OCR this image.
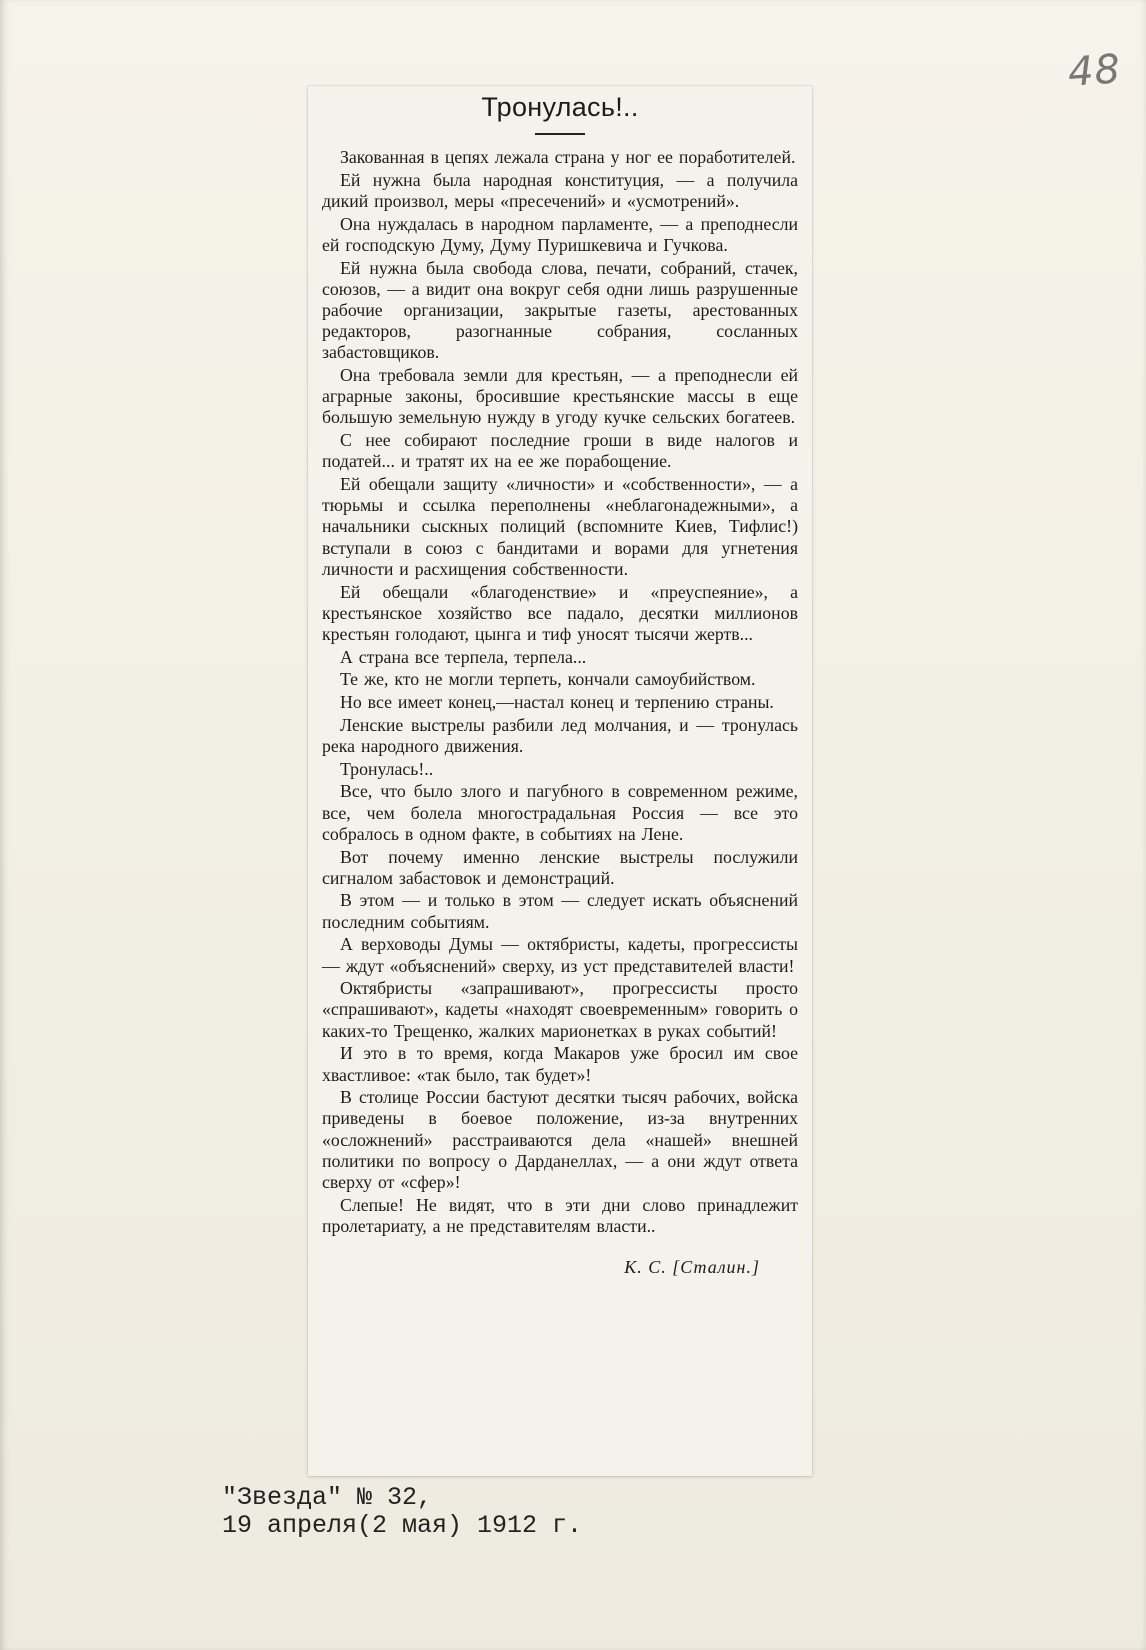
48

Тронулась!..

Закованная в цепях лежала страна у ног ее поработителей.

Ей нужна была народная конституция, — а получила дикий произвол, меры «пресечений» и «усмотрений».

Она нуждалась в народном парламенте, — а преподнесли ей господскую Думу, Думу Пуришкевича и Гучкова.

Ей нужна была свобода слова, печати, собраний, стачек, союзов, — а видит она вокруг себя одни лишь разрушенные рабочие организации, закрытые газеты, арестованных редакторов, разогнанные собрания, сосланных забастовщиков.

Она требовала земли для крестьян, — а преподнесли ей аграрные законы, бросившие крестьянские массы в еще большую земельную нужду в угоду кучке сельских богатеев.

С нее собирают последние гроши в виде налогов и податей... и тратят их на ее же порабощение.

Ей обещали защиту «личности» и «собственности», — а тюрьмы и ссылка переполнены «неблагонадежными», а начальники сыскных полиций (вспомните Киев, Тифлис!) вступали в союз с бандитами и ворами для угнетения личности и расхищения собственности.

Ей обещали «благоденствие» и «преуспеяние», а крестьянское хозяйство все падало, десятки миллионов крестьян голодают, цынга и тиф уносят тысячи жертв...

А страна все терпела, терпела...

Те же, кто не могли терпеть, кончали самоубийством.

Но все имеет конец,—настал конец и терпению страны.

Ленские выстрелы разбили лед молчания, и — тронулась река народного движения.

Тронулась!..

Все, что было злого и пагубного в современном режиме, все, чем болела многострадальная Россия — все это собралось в одном факте, в событиях на Лене.

Вот почему именно ленские выстрелы послужили сигналом забастовок и демонстраций.

В этом — и только в этом — следует искать объяснений последним событиям.

А верховоды Думы — октябристы, кадеты, прогрессисты — ждут «объяснений» сверху, из уст представителей власти!

Октябристы «запрашивают», прогрессисты просто «спрашивают», кадеты «находят своевременным» говорить о каких-то Трещенко, жалких марионетках в руках событий!

И это в то время, когда Макаров уже бросил им свое хвастливое: «так было, так будет»!

В столице России бастуют десятки тысяч рабочих, войска приведены в боевое положение, из-за внутренних «осложнений» расстраиваются дела «нашей» внешней политики по вопросу о Дарданеллах, — а они ждут ответа сверху от «сфер»!

Слепые! Не видят, что в эти дни слово принадлежит пролетариату, а не представителям власти..

К. С. [Сталин.]
"Звезда" № 32,
19 апреля(2 мая) 1912 г.
